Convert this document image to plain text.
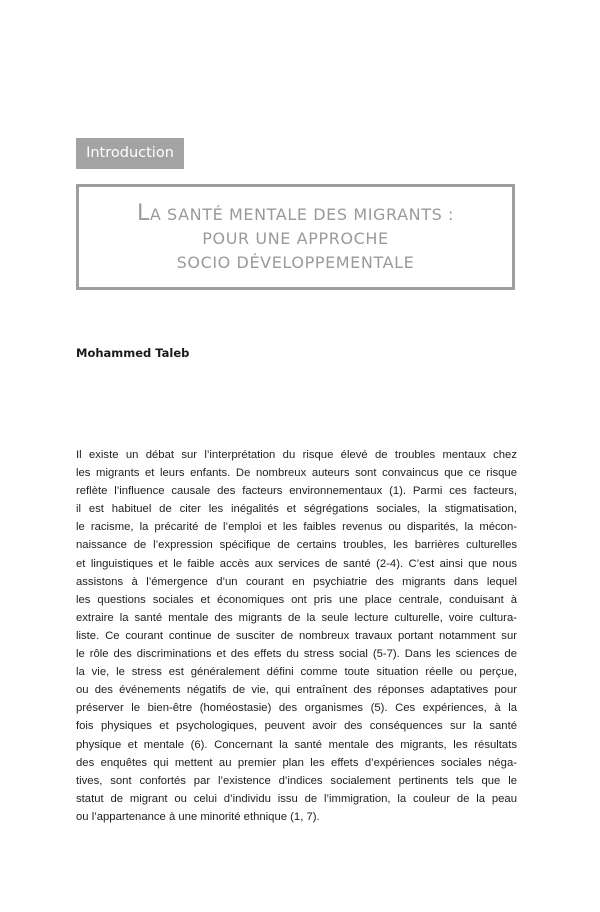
Introduction
LA SANTÉ MENTALE DES MIGRANTS :
POUR UNE APPROCHE
SOCIO DÉVELOPPEMENTALE
Mohammed Taleb
Il existe un débat sur l’interprétation du risque élevé de troubles mentaux chez
les migrants et leurs enfants. De nombreux auteurs sont convaincus que ce risque
reflète l’influence causale des facteurs environnementaux (1). Parmi ces facteurs,
il est habituel de citer les inégalités et ségrégations sociales, la stigmatisation,
le racisme, la précarité de l’emploi et les faibles revenus ou disparités, la mécon-
naissance de l’expression spécifique de certains troubles, les barrières culturelles
et linguistiques et le faible accès aux services de santé (2-4). C’est ainsi que nous
assistons à l’émergence d’un courant en psychiatrie des migrants dans lequel
les questions sociales et économiques ont pris une place centrale, conduisant à
extraire la santé mentale des migrants de la seule lecture culturelle, voire cultura-
liste. Ce courant continue de susciter de nombreux travaux portant notamment sur
le rôle des discriminations et des effets du stress social (5-7). Dans les sciences de
la vie, le stress est généralement défini comme toute situation réelle ou perçue,
ou des événements négatifs de vie, qui entraînent des réponses adaptatives pour
préserver le bien-être (homéostasie) des organismes (5). Ces expériences, à la
fois physiques et psychologiques, peuvent avoir des conséquences sur la santé
physique et mentale (6). Concernant la santé mentale des migrants, les résultats
des enquêtes qui mettent au premier plan les effets d’expériences sociales néga-
tives, sont confortés par l’existence d’indices socialement pertinents tels que le
statut de migrant ou celui d’individu issu de l’immigration, la couleur de la peau
ou l’appartenance à une minorité ethnique (1, 7).
